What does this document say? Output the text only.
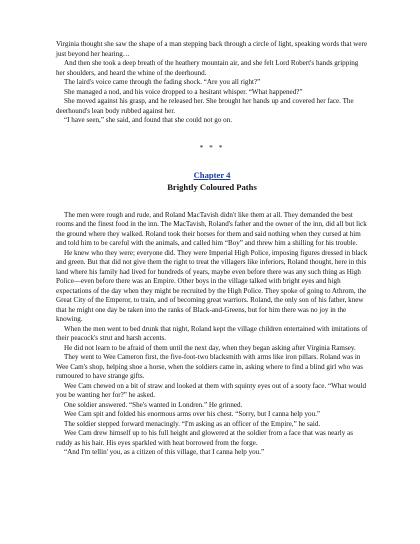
Virginia thought she saw the shape of a man stepping back through a circle of light, speaking words that were just beyond her hearing…

And then she took a deep breath of the heathery mountain air, and she felt Lord Robert's hands gripping her shoulders, and heard the whine of the deerhound.

The laird's voice came through the fading shock. “Are you all right?”

She managed a nod, and his voice dropped to a hesitant whisper. “What happened?”

She moved against his grasp, and he released her. She brought her hands up and covered her face. The deerhound's lean body rubbed against her.

“I have seen,” she said, and found that she could not go on.

* * *

Chapter 4

Brightly Coloured Paths

The men were rough and rude, and Roland MacTavish didn't like them at all. They demanded the best rooms and the finest food in the inn. The MacTavish, Roland's father and the owner of the inn, did all but lick the ground where they walked. Roland took their horses for them and said nothing when they cursed at him and told him to be careful with the animals, and called him “Boy” and threw him a shilling for his trouble.

He knew who they were; everyone did. They were Imperial High Police, imposing figures dressed in black and green. But that did not give them the right to treat the villagers like inferiors, Roland thought, here in this land where his family had lived for hundreds of years, maybe even before there was any such thing as High Police—even before there was an Empire. Other boys in the village talked with bright eyes and high expectations of the day when they might be recruited by the High Police. They spoke of going to Athrom, the Great City of the Emperor, to train, and of becoming great warriors. Roland, the only son of his father, knew that he might one day be taken into the ranks of Black-and-Greens, but for him there was no joy in the knowing.

When the men went to bed drunk that night, Roland kept the village children entertained with imitations of their peacock's strut and harsh accents.

He did not learn to be afraid of them until the next day, when they began asking after Virginia Ramsey.

They went to Wee Cameron first, the five-foot-two blacksmith with arms like iron pillars. Roland was in Wee Cam's shop, helping shoe a horse, when the soldiers came in, asking where to find a blind girl who was rumoured to have strange gifts.

Wee Cam chewed on a bit of straw and looked at them with squinty eyes out of a sooty face. “What would you be wanting her for?” he asked.

One soldier answered. “She's wanted in Londren.” He grinned.

Wee Cam spit and folded his enormous arms over his chest. “Sorry, but I canna help you.”

The soldier stepped forward menacingly. “I'm asking as an officer of the Empire,” he said.

Wee Cam drew himself up to his full height and glowered at the soldier from a face that was nearly as ruddy as his hair. His eyes sparkled with heat borrowed from the forge.

“And I'm tellin' you, as a citizen of this village, that I canna help you.”
